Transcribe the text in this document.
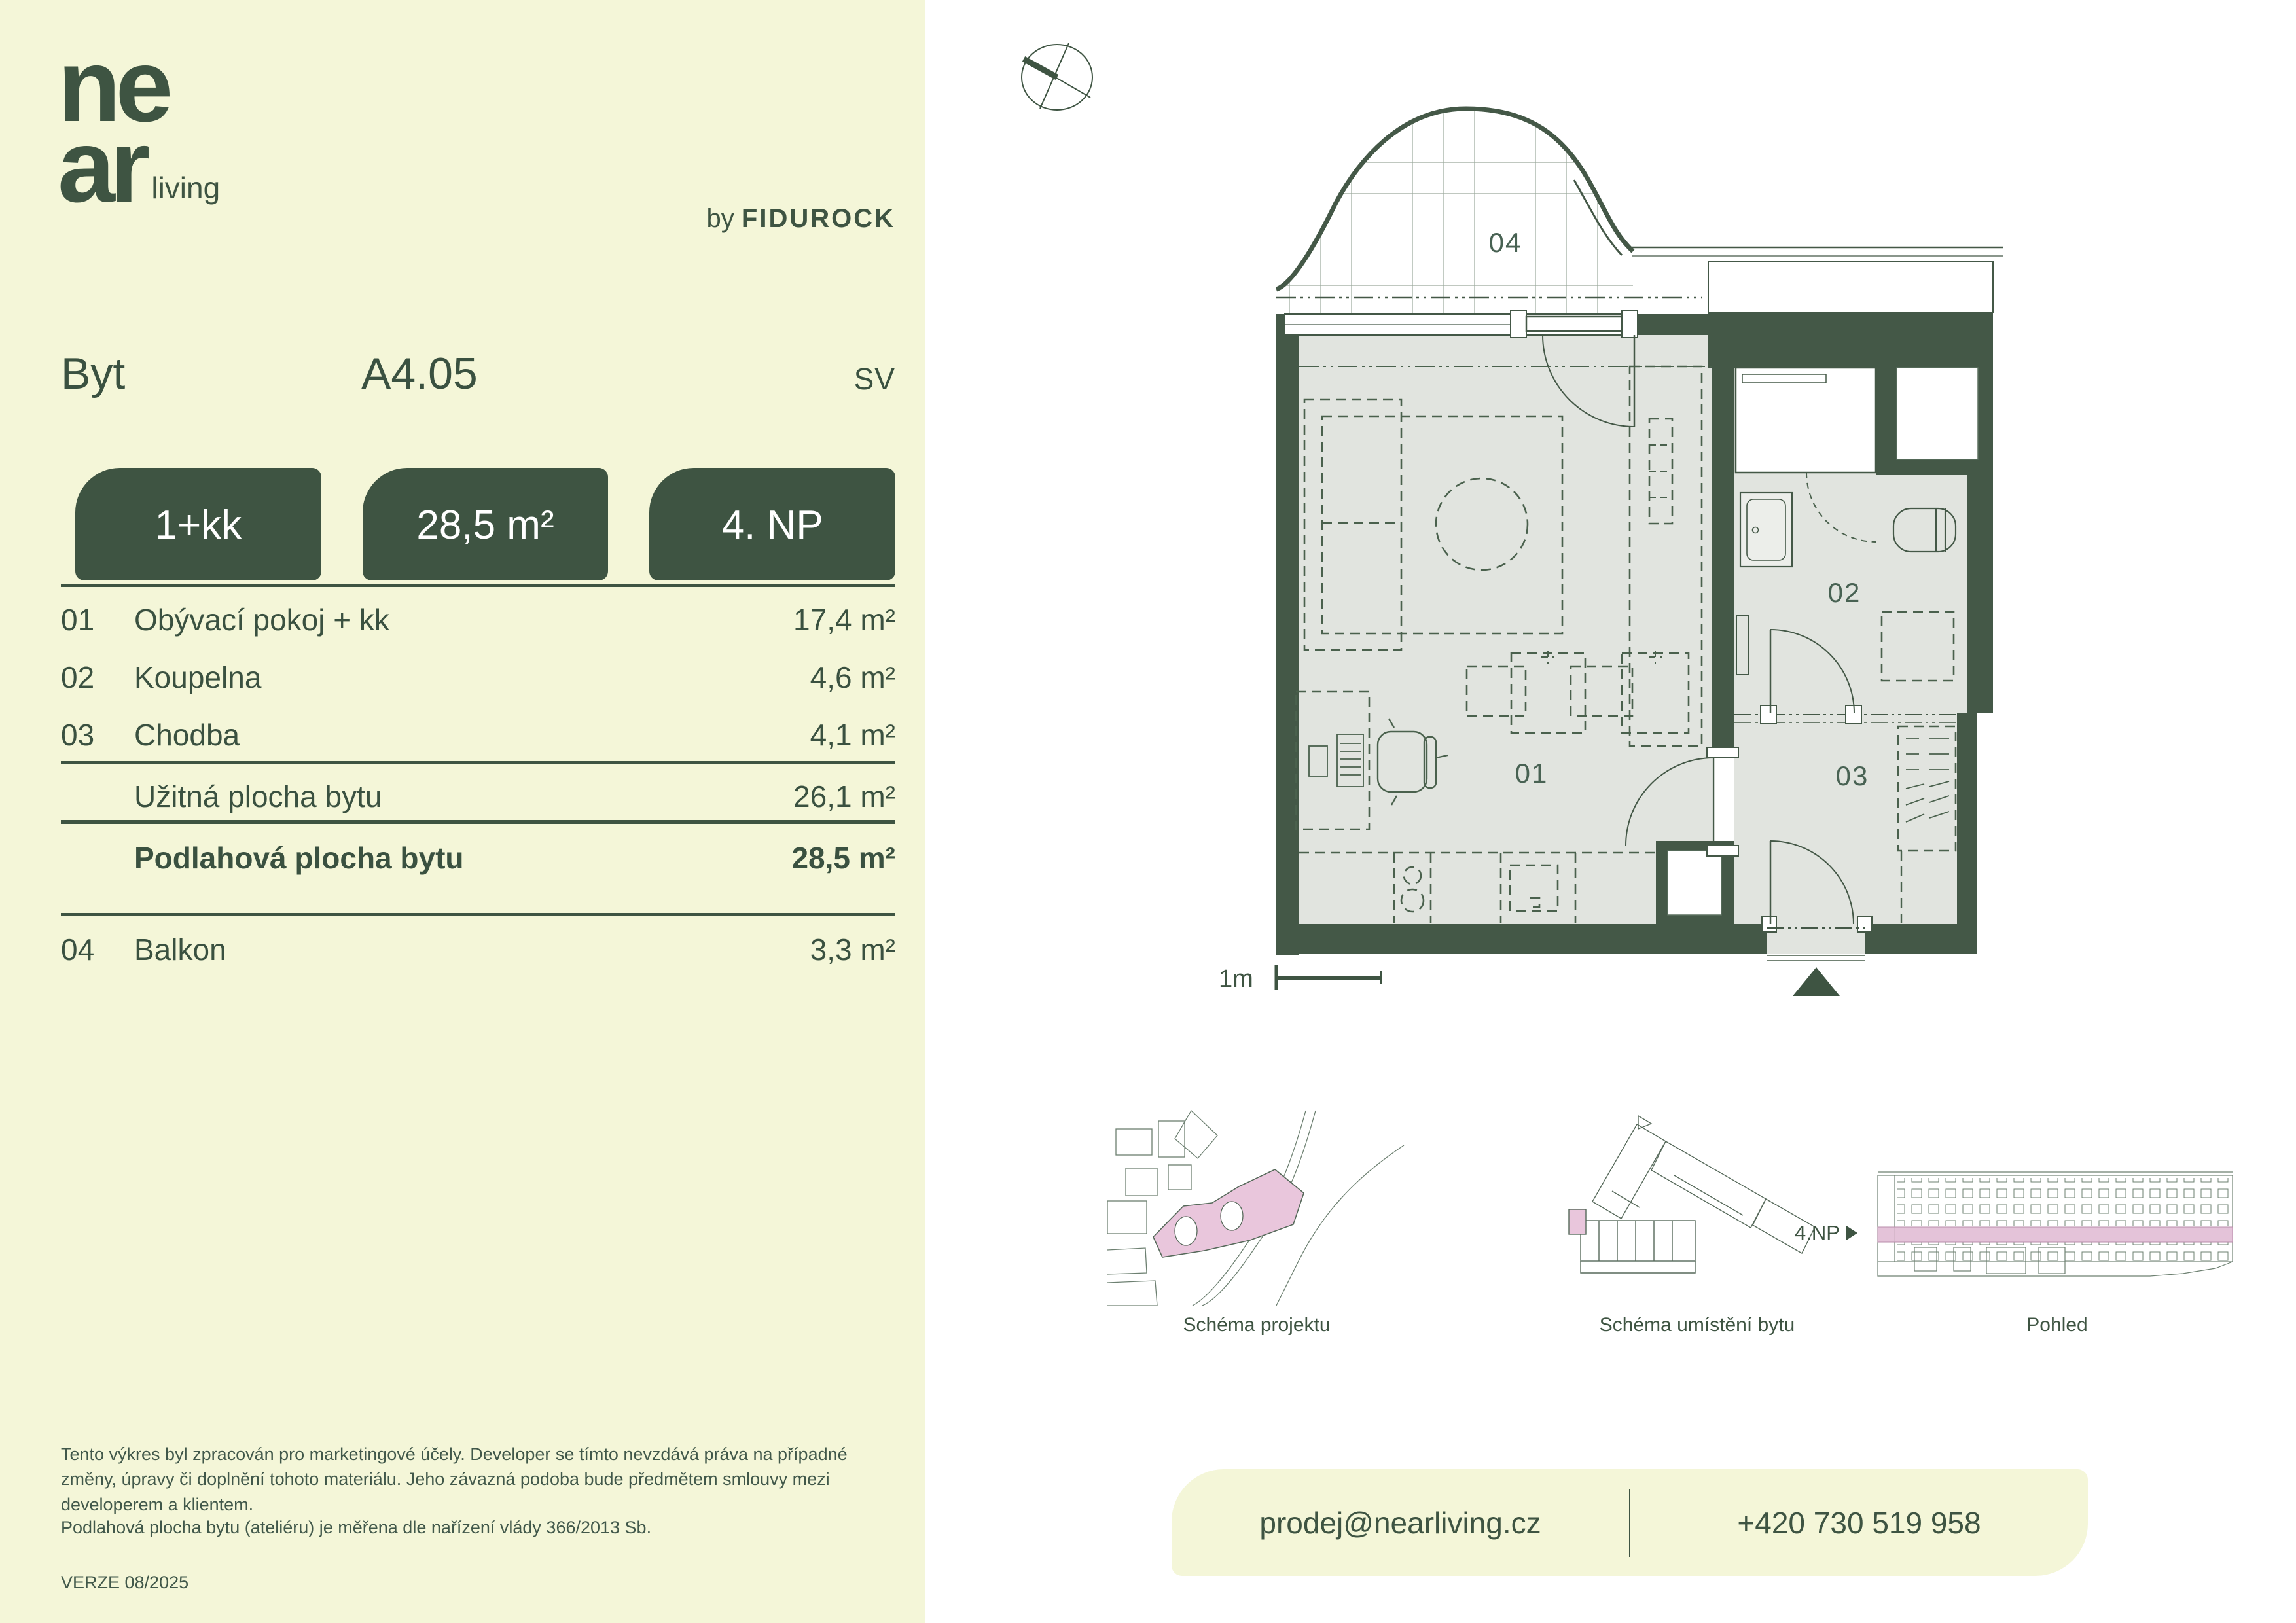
ne
ar living
by FIDUROCK
Byt	A4.05	SV
1+kk	28,5 m²	4. NP
01	Obývací pokoj + kk	17,4 m²
02	Koupelna	4,6 m²
03	Chodba	4,1 m²
Užitná plocha bytu	26,1 m²
Podlahová plocha bytu	28,5 m²
04	Balkon	3,3 m²

Tento výkres byl zpracován pro marketingové účely. Developer se tímto nevzdává práva na případné změny, úpravy či doplnění tohoto materiálu. Jeho závazná podoba bude předmětem smlouvy mezi developerem a klientem.

Podlahová plocha bytu (ateliéru) je měřena dle nařízení vlády 366/2013 Sb.

VERZE 08/2025

04
01
02
03
1m
4.NP
Schéma projektu	Schéma umístění bytu	Pohled
prodej@nearliving.cz	+420 730 519 958
